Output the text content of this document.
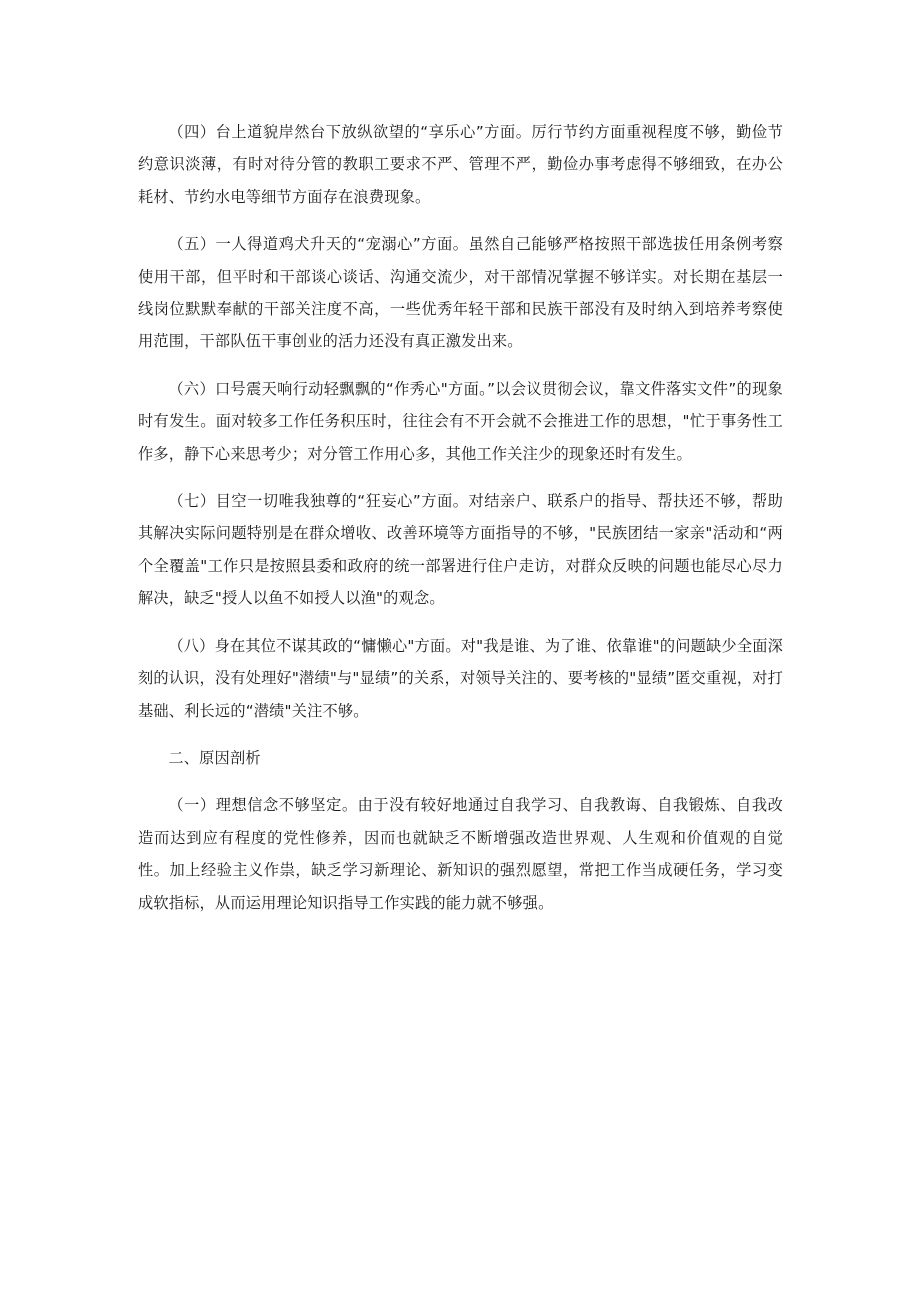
（四）台上道貌岸然台下放纵欲望的“享乐心”方面。厉行节约方面重视程度不够，勤俭节约意识淡薄，有时对待分管的教职工要求不严、管理不严，勤俭办事考虑得不够细致，在办公耗材、节约水电等细节方面存在浪费现象。

（五）一人得道鸡犬升天的“宠溺心”方面。虽然自己能够严格按照干部选拔任用条例考察使用干部，但平时和干部谈心谈话、沟通交流少，对干部情况掌握不够详实。对长期在基层一线岗位默默奉献的干部关注度不高，一些优秀年轻干部和民族干部没有及时纳入到培养考察使用范围，干部队伍干事创业的活力还没有真正激发出来。

（六）口号震天响行动轻飘飘的“作秀心"方面。”以会议贯彻会议，靠文件落实文件”的现象时有发生。面对较多工作任务积压时，往往会有不开会就不会推进工作的思想，"忙于事务性工作多，静下心来思考少；对分管工作用心多，其他工作关注少的现象还时有发生。

（七）目空一切唯我独尊的“狂妄心”方面。对结亲户、联系户的指导、帮扶还不够，帮助其解决实际问题特别是在群众增收、改善环境等方面指导的不够，"民族团结一家亲"活动和“两个全覆盖"工作只是按照县委和政府的统一部署进行住户走访，对群众反映的问题也能尽心尽力解决，缺乏"授人以鱼不如授人以渔"的观念。

（八）身在其位不谋其政的“慵懒心"方面。对"我是谁、为了谁、依靠谁"的问题缺少全面深刻的认识，没有处理好"潜绩"与"显绩”的关系，对领导关注的、要考核的"显绩”匿交重视，对打基础、利长远的“潜绩"关注不够。

二、原因剖析

（一）理想信念不够坚定。由于没有较好地通过自我学习、自我教诲、自我锻炼、自我改造而达到应有程度的党性修养，因而也就缺乏不断增强改造世界观、人生观和价值观的自觉性。加上经验主义作祟，缺乏学习新理论、新知识的强烈愿望，常把工作当成硬任务，学习变成软指标，从而运用理论知识指导工作实践的能力就不够强。
